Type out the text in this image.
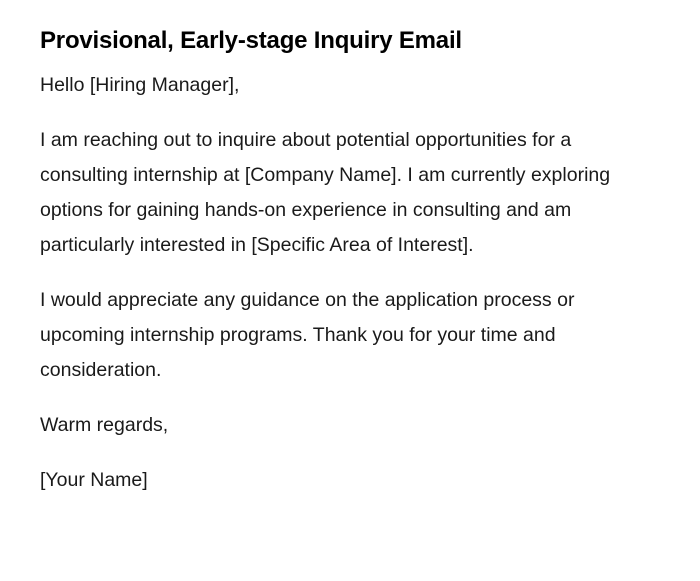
Provisional, Early-stage Inquiry Email

Hello [Hiring Manager],

I am reaching out to inquire about potential opportunities for a consulting internship at [Company Name]. I am currently exploring options for gaining hands-on experience in consulting and am particularly interested in [Specific Area of Interest].

I would appreciate any guidance on the application process or upcoming internship programs. Thank you for your time and consideration.

Warm regards,

[Your Name]
